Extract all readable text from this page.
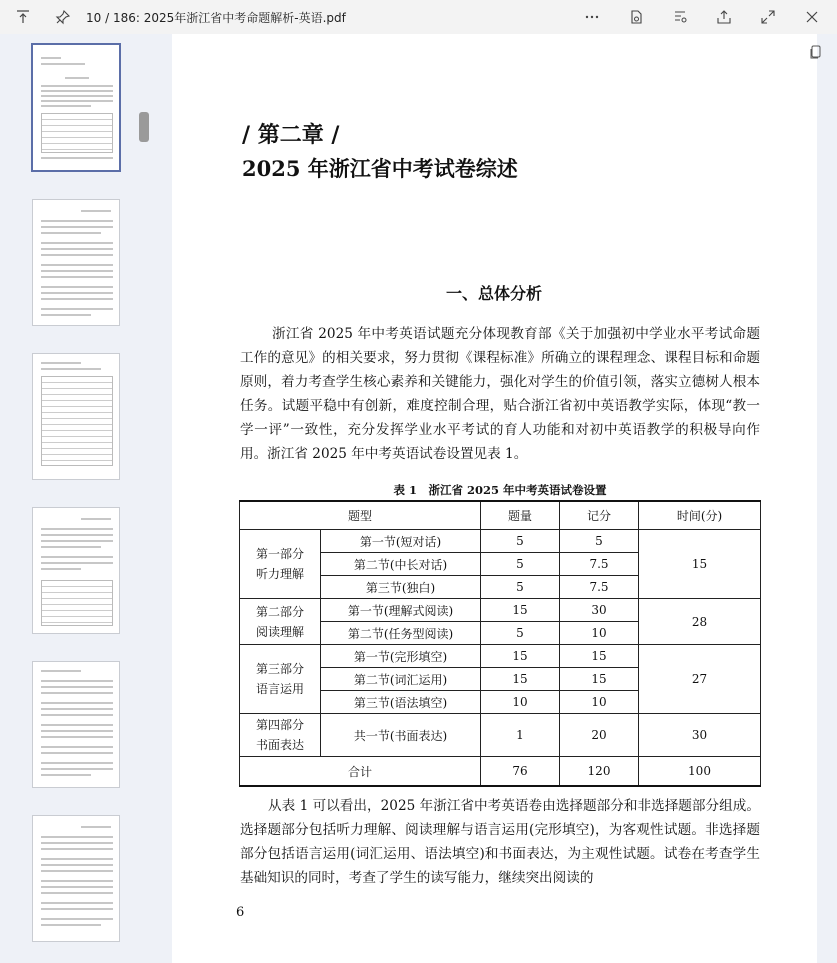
10 / 186: 2025年浙江省中考命题解析-英语.pdf
/ 第二章 /
2025 年浙江省中考试卷综述
一、总体分析
浙江省 2025 年中考英语试题充分体现教育部《关于加强初中学业水平考试命题工作的意见》的相关要求，努力贯彻《课程标准》所确立的课程理念、课程目标和命题原则，着力考查学生核心素养和关键能力，强化对学生的价值引领，落实立德树人根本任务。试题平稳中有创新，难度控制合理，贴合浙江省初中英语教学实际，体现“教一学一评”一致性，充分发挥学业水平考试的育人功能和对初中英语教学的积极导向作用。浙江省 2025 年中考英语试卷设置见表 1。
表 1　浙江省 2025 年中考英语试卷设置
题型		题量	记分	时间(分)
第一部分
听力理解	第一节(短对话)	5	5	15
	第二节(中长对话)	5	7.5	
	第三节(独白)	5	7.5	
第二部分
阅读理解	第一节(理解式阅读)	15	30	28
	第二节(任务型阅读)	5	10	
第三部分
语言运用	第一节(完形填空)	15	15	27
	第二节(词汇运用)	15	15	
	第三节(语法填空)	10	10	
第四部分
书面表达	共一节(书面表达)	1	20	30
合计		76	120	100
从表 1 可以看出，2025 年浙江省中考英语卷由选择题部分和非选择题部分组成。选择题部分包括听力理解、阅读理解与语言运用(完形填空)，为客观性试题。非选择题部分包括语言运用(词汇运用、语法填空)和书面表达，为主观性试题。试卷在考查学生基础知识的同时，考查了学生的读写能力，继续突出阅读的
6
